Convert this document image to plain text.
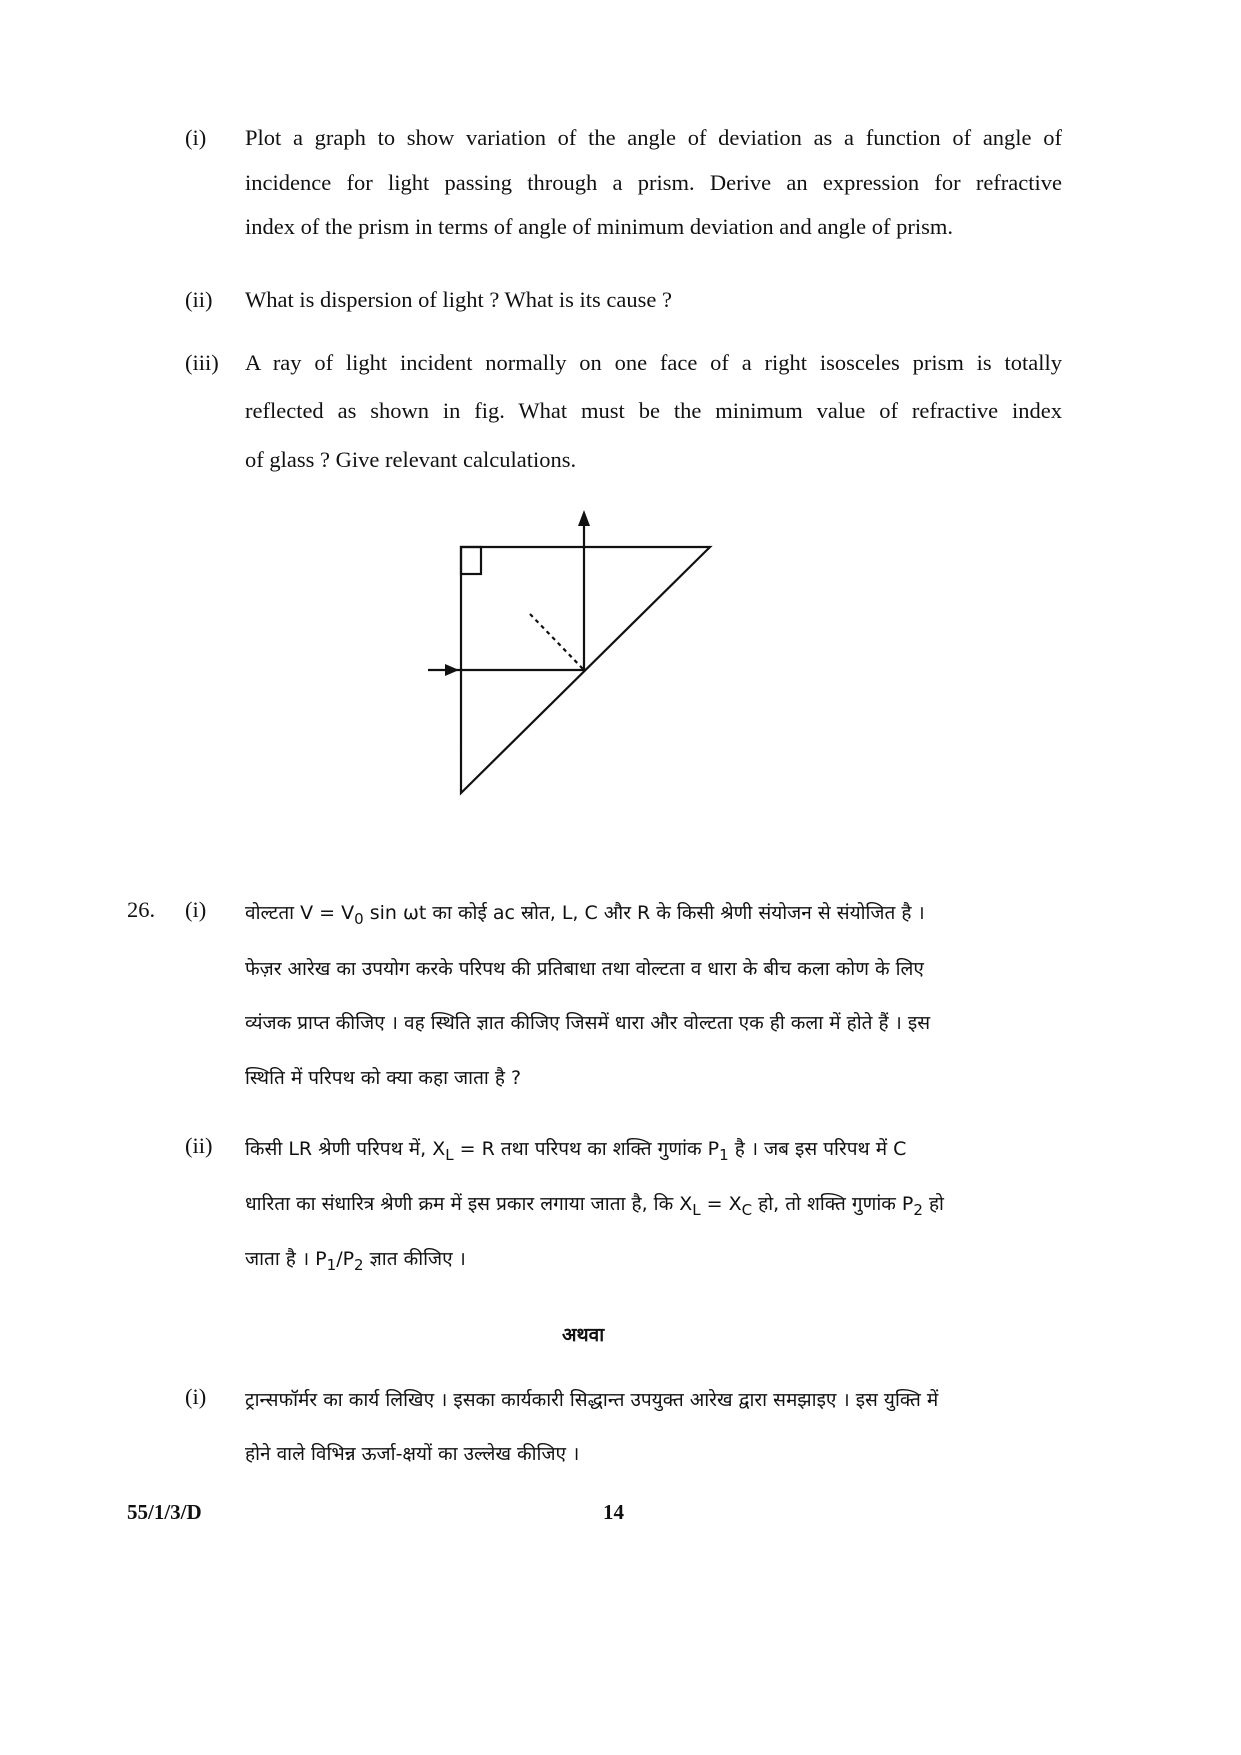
(i) Plot a graph to show variation of the angle of deviation as a function of angle of
incidence for light passing through a prism. Derive an expression for refractive
index of the prism in terms of angle of minimum deviation and angle of prism.
(ii) What is dispersion of light ? What is its cause ?
(iii) A ray of light incident normally on one face of a right isosceles prism is totally
reflected as shown in fig. What must be the minimum value of refractive index
of glass ? Give relevant calculations.
26. (i) वोल्टता $V = V_0$ sin ωt का कोई ac स्रोत, L, C और R के किसी श्रेणी संयोजन से संयोजित है ।
फेज़र आरेख का उपयोग करके परिपथ की प्रतिबाधा तथा वोल्टता व धारा के बीच कला कोण के लिए
व्यंजक प्राप्त कीजिए । वह स्थिति ज्ञात कीजिए जिसमें धारा और वोल्टता एक ही कला में होते हैं । इस
स्थिति में परिपथ को क्या कहा जाता है ?
(ii) किसी LR श्रेणी परिपथ में, $X_L = R$ तथा परिपथ का शक्ति गुणांक $P_1$ है । जब इस परिपथ में C
धारिता का संधारित्र श्रेणी क्रम में इस प्रकार लगाया जाता है, कि $X_L = X_C$ हो, तो शक्ति गुणांक $P_2$ हो
जाता है । $P_1/P_2$ ज्ञात कीजिए ।
अथवा
(i) ट्रान्सफॉर्मर का कार्य लिखिए । इसका कार्यकारी सिद्धान्त उपयुक्त आरेख द्वारा समझाइए । इस युक्ति में
होने वाले विभिन्न ऊर्जा-क्षयों का उल्लेख कीजिए ।
55/1/3/D	14
